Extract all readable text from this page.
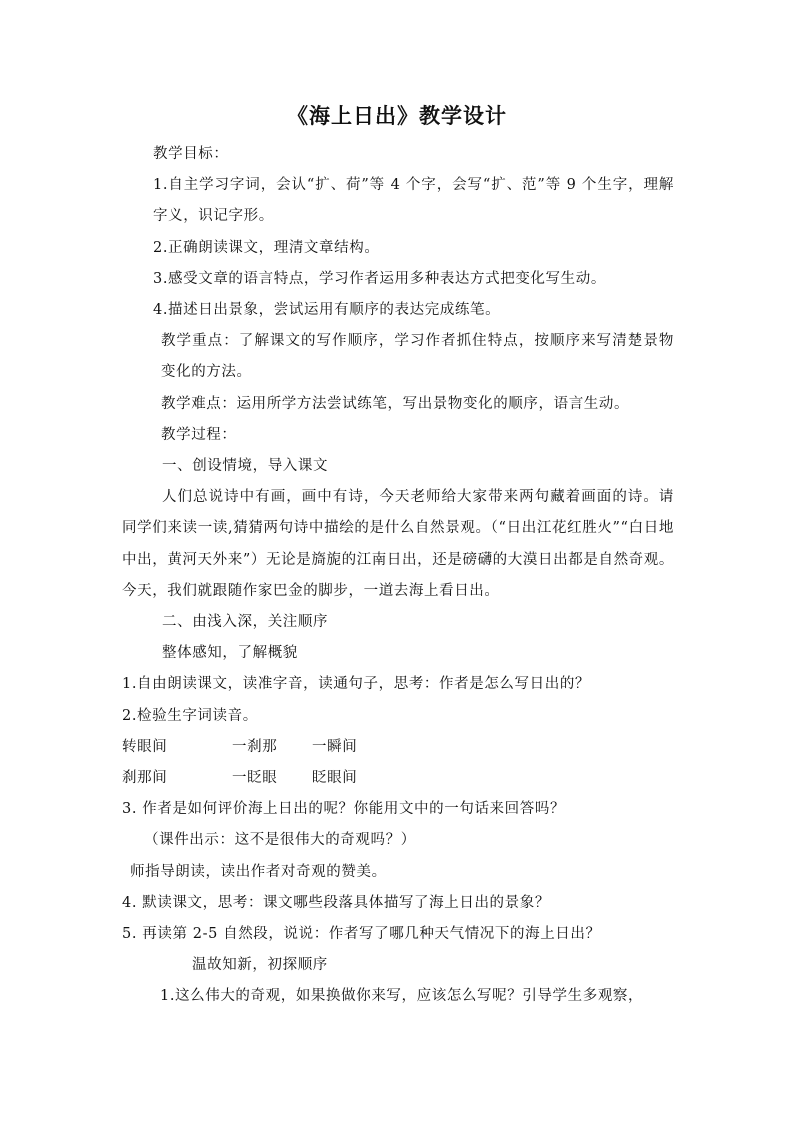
《海上日出》教学设计

教学目标：

1.自主学习字词，会认“扩、荷”等 4 个字，会写“扩、范”等 9 个生字，理解字义，识记字形。

2.正确朗读课文，理清文章结构。

3.感受文章的语言特点，学习作者运用多种表达方式把变化写生动。

4.描述日出景象，尝试运用有顺序的表达完成练笔。

教学重点：了解课文的写作顺序，学习作者抓住特点，按顺序来写清楚景物变化的方法。

教学难点：运用所学方法尝试练笔，写出景物变化的顺序，语言生动。

教学过程：

一、创设情境，导入课文

人们总说诗中有画，画中有诗，今天老师给大家带来两句藏着画面的诗。请同学们来读一读,猜猜两句诗中描绘的是什么自然景观。（“日出江花红胜火”“白日地中出，黄河天外来”）无论是旖旎的江南日出，还是磅礴的大漠日出都是自然奇观。今天，我们就跟随作家巴金的脚步，一道去海上看日出。

二、由浅入深，关注顺序

整体感知，了解概貌

1.自由朗读课文，读准字音，读通句子，思考：作者是怎么写日出的？

2.检验生字词读音。

转眼间	一刹那 一瞬间
刹那间	一眨眼 眨眼间

3. 作者是如何评价海上日出的呢？你能用文中的一句话来回答吗？

（课件出示：这不是很伟大的奇观吗？）

师指导朗读，读出作者对奇观的赞美。

4. 默读课文，思考：课文哪些段落具体描写了海上日出的景象？

5. 再读第 2-5 自然段，说说：作者写了哪几种天气情况下的海上日出？

温故知新，初探顺序

1.这么伟大的奇观，如果换做你来写，应该怎么写呢？引导学生多观察，
